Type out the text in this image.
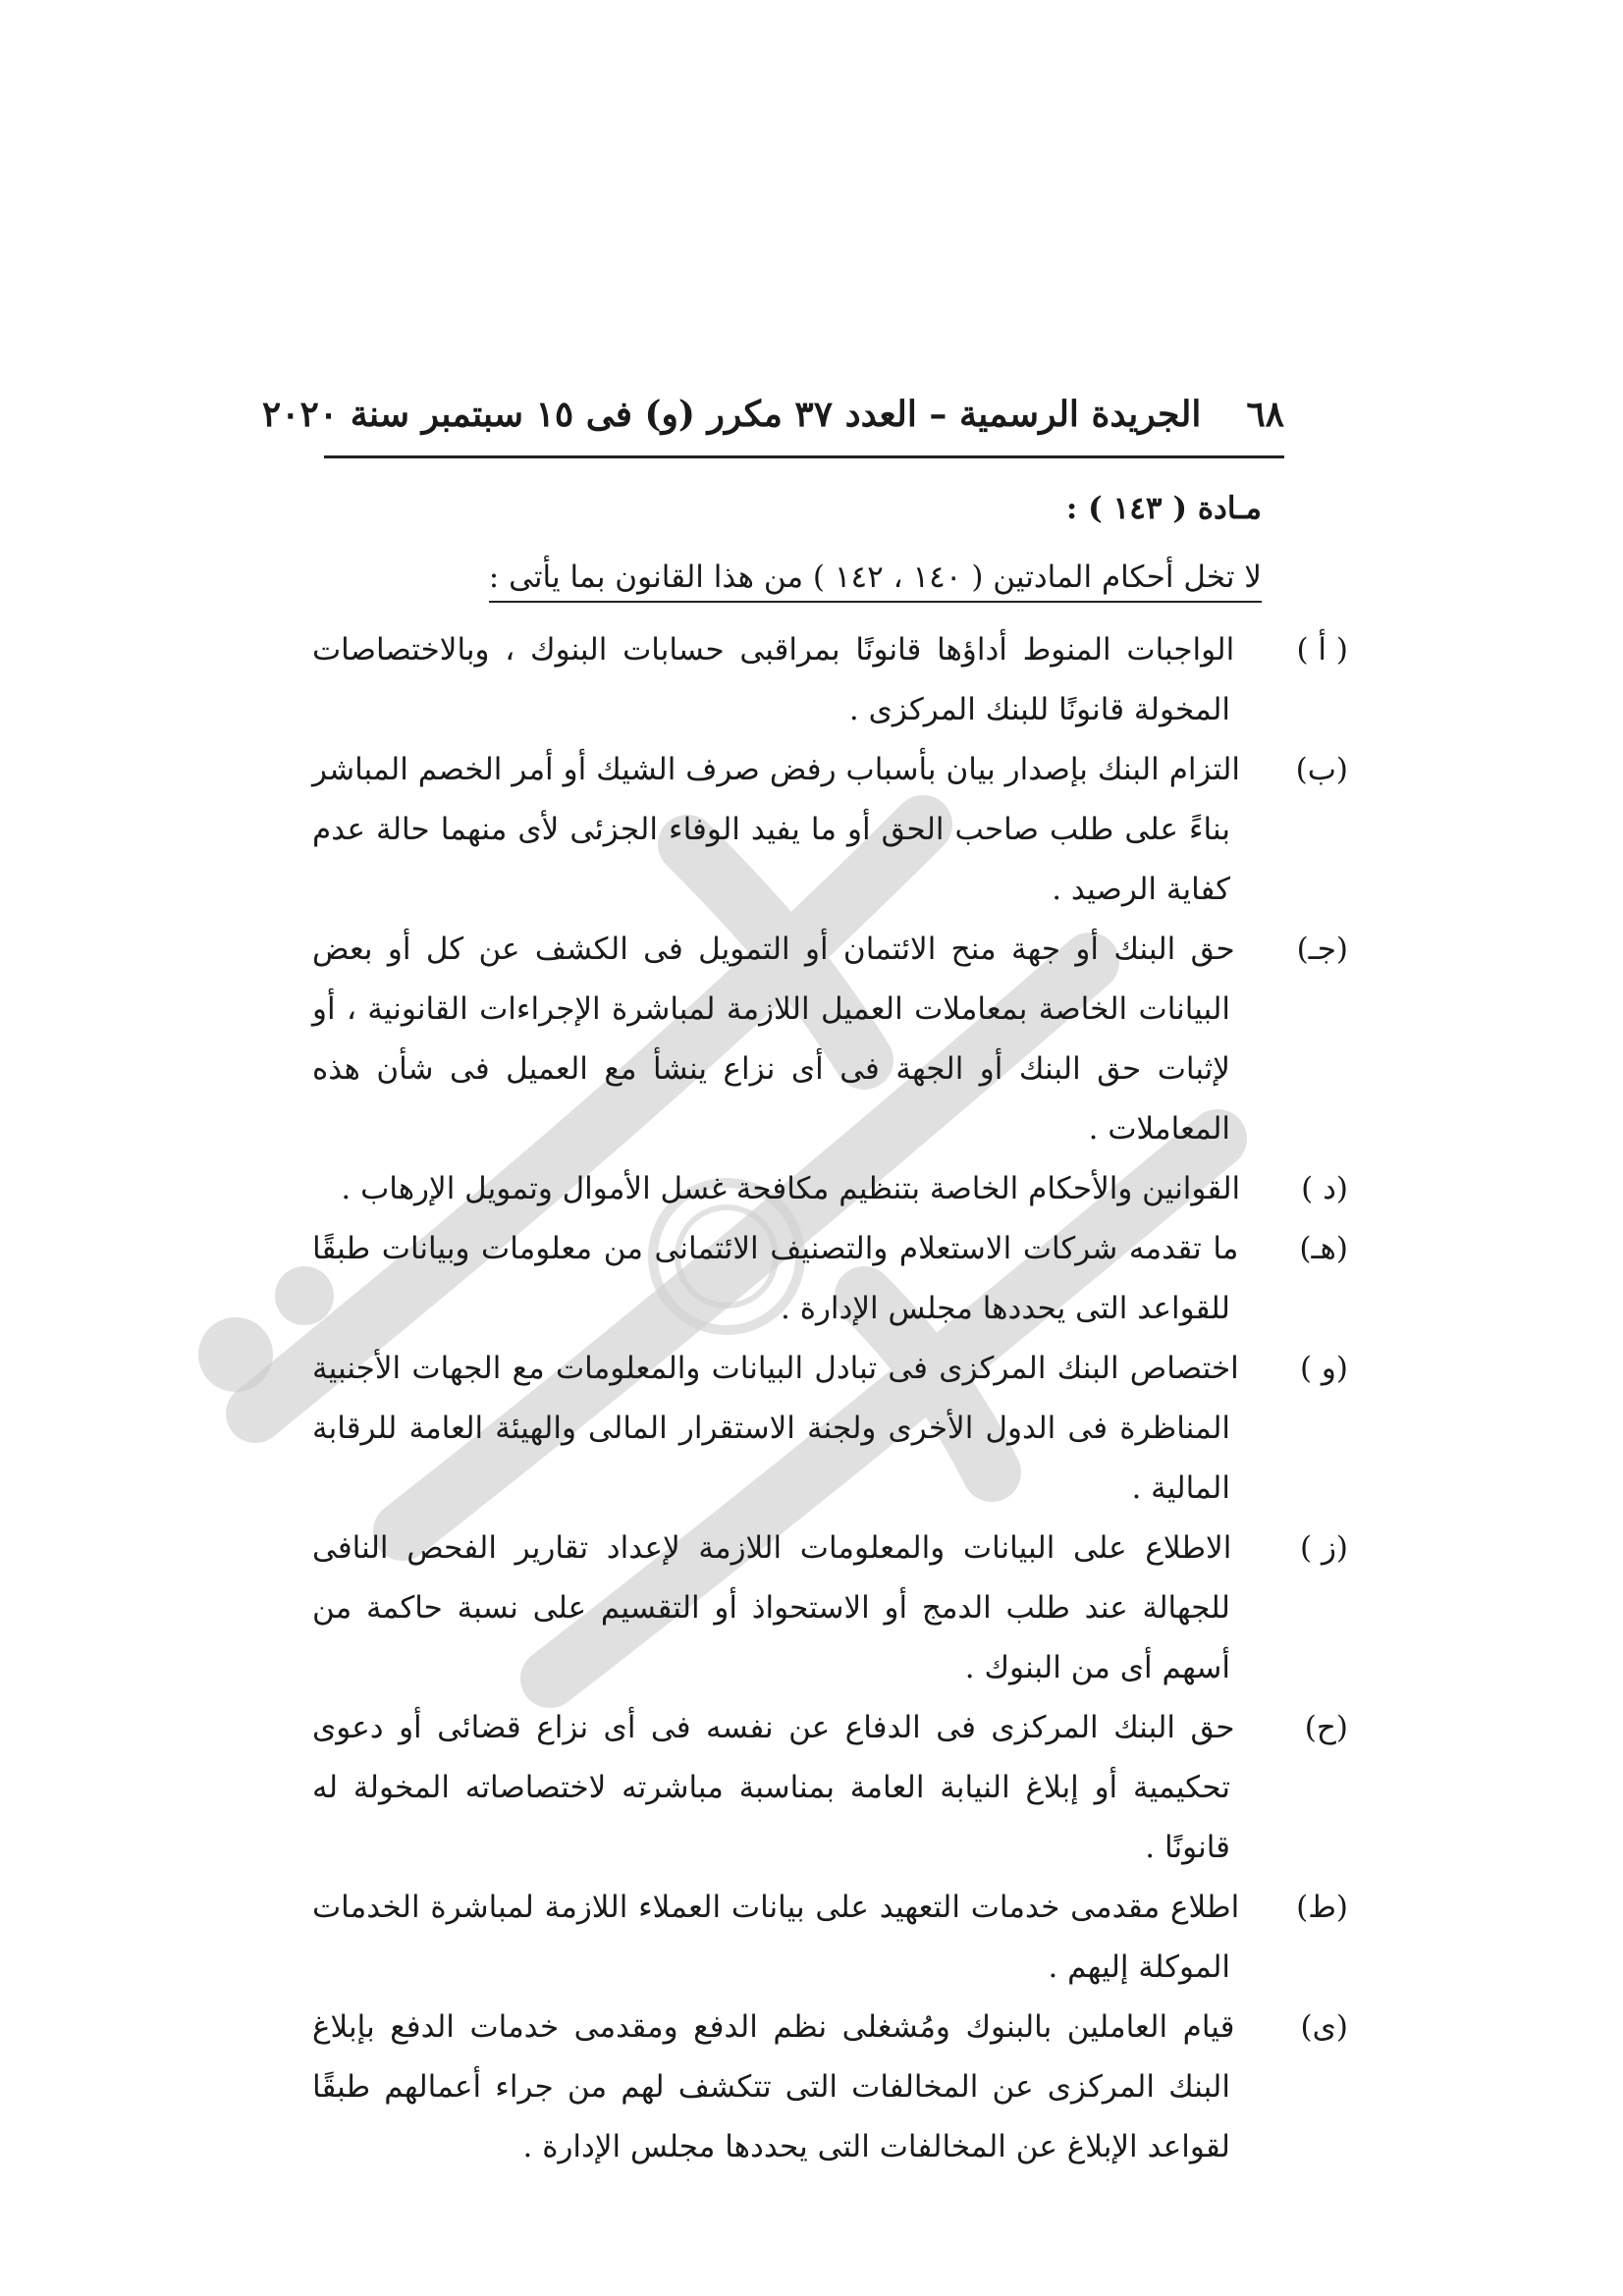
٦٨
الجريدة الرسمية – العدد ٣٧ مكرر (و) فى ١٥ سبتمبر سنة ٢٠٢٠
مـادة ( ١٤٣ ) :
لا تخل أحكام المادتين ( ١٤٠ ، ١٤٢ ) من هذا القانون بما يأتى :
( أ ) الواجبات المنوط أداؤها قانونًا بمراقبى حسابات البنوك ، وبالاختصاصات المخولة قانونًا للبنك المركزى .
(ب) التزام البنك بإصدار بيان بأسباب رفض صرف الشيك أو أمر الخصم المباشر بناءً على طلب صاحب الحق أو ما يفيد الوفاء الجزئى لأى منهما حالة عدم كفاية الرصيد .
(جـ) حق البنك أو جهة منح الائتمان أو التمويل فى الكشف عن كل أو بعض البيانات الخاصة بمعاملات العميل اللازمة لمباشرة الإجراءات القانونية ، أو لإثبات حق البنك أو الجهة فى أى نزاع ينشأ مع العميل فى شأن هذه المعاملات .
(د ) القوانين والأحكام الخاصة بتنظيم مكافحة غسل الأموال وتمويل الإرهاب .
(هـ) ما تقدمه شركات الاستعلام والتصنيف الائتمانى من معلومات وبيانات طبقًا للقواعد التى يحددها مجلس الإدارة .
(و ) اختصاص البنك المركزى فى تبادل البيانات والمعلومات مع الجهات الأجنبية المناظرة فى الدول الأخرى ولجنة الاستقرار المالى والهيئة العامة للرقابة المالية .
(ز ) الاطلاع على البيانات والمعلومات اللازمة لإعداد تقارير الفحص النافى للجهالة عند طلب الدمج أو الاستحواذ أو التقسيم على نسبة حاكمة من أسهم أى من البنوك .
(ح) حق البنك المركزى فى الدفاع عن نفسه فى أى نزاع قضائى أو دعوى تحكيمية أو إبلاغ النيابة العامة بمناسبة مباشرته لاختصاصاته المخولة له قانونًا .
(ط) اطلاع مقدمى خدمات التعهيد على بيانات العملاء اللازمة لمباشرة الخدمات الموكلة إليهم .
(ى) قيام العاملين بالبنوك ومُشغلى نظم الدفع ومقدمى خدمات الدفع بإبلاغ البنك المركزى عن المخالفات التى تتكشف لهم من جراء أعمالهم طبقًا لقواعد الإبلاغ عن المخالفات التى يحددها مجلس الإدارة .
